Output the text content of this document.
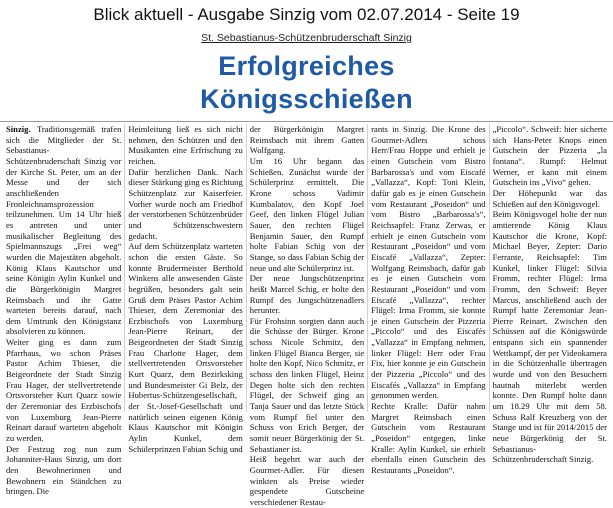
Blick aktuell - Ausgabe Sinzig vom 02.07.2014 - Seite 19
St. Sebastianus-Schützenbruderschaft Sinzig
Erfolgreiches
Königsschießen

Sinzig. Traditionsgemäß trafen sich die Mitglieder der St. Sebastianus-Schützenbruderschaft Sinzig vor der Kirche St. Peter, um an der Messe und der sich anschließenden Fronleichnamsprozession teilzunehmen. Um 14 Uhr hieß es antreten und unter musikalischer Begleitung des Spielmannszugs „Frei weg“ wurden die Majestäten abgeholt. König Klaus Kautschor und seine Königin Aylin Kunkel und die Bürgerkönigin Margret Reimsbach und ihr Gatte warteten bereits darauf, nach dem Umtrunk den Königstanz absolvieren zu können.

Weiter ging es dann zum Pfarrhaus, wo schon Präses Pastor Achim Thieser, die Beigeordnete der Stadt Sinzig Frau Hager, der stellvertretende Ortsvorsteher Kurt Quarz sowie der Zeremoniar des Erzbischofs von Luxemburg Jean-Pierre Reinart darauf warteten abgeholt zu werden.

Der Festzug zog nun zum Johanniter-Haus Sinzig, um dort den Bewohnerinnen und Bewohnern ein Ständchen zu bringen. Die

Heimleitung ließ es sich nicht nehmen, den Schützen und den Musikanten eine Erfrischung zu reichen.

Dafür herzlichen Dank. Nach dieser Stärkung ging es Richtung Schützenplatz zur Kaiserfeier. Vorher wurde noch am Friedhof der verstorbenen Schützenbrüder und Schützenschwestern gedacht.

Auf dem Schützenplatz warteten schon die ersten Gäste. So konnte Brudermeister Berthold Winkens alle anwesenden Gäste begrüßen, besonders galt sein Gruß dem Präses Pastor Achim Thieser, dem Zeremoniar des Erzbischofs von Luxemburg Jean-Pierre Reinart, der Beigeordneten der Stadt Sinzig Frau Charlotte Hager, dem stellvertretenden Ortsvorsteher Kurt Quarz, dem Bezirksking und Bundesmeister Gi Belz, der Hubertus-Schützengesellschaft, der St.-Josef-Gesellschaft und natürlich seinen eigenen König Klaus Kautschor mit Königin Aylin Kunkel, dem Schülerprinzen Fabian Schig und

der Bürgerkönigin Margret Reimsbach mit ihrem Gatten Wolfgang.

Um 16 Uhr begann das Schießen. Zunächst wurde der Schülerprinz ermittelt. Die Krone schoss Vadimir Kumbalatov, den Kopf Joel Geef, den linken Flügel Julian Sauer, den rechten Flügel Benjamin Sauer, den Rumpf holte Fabian Schig von der Stange, so dass Fabian Schig der neue und alte Schülerprinz ist.

Der neue Jungschützenprinz heißt Marcel Schig, er holte den Rumpf des Jungschützenadlers herunter.

Für Frohsinn sorgten dann auch die Schüsse der Bürger. Krone schoss Nicole Schmitz, den linken Flügel Bianca Berger, sie holte den Kopf, Nico Schmitz, er schoss den linken Flügel, Heinz Degen holte sich den rechten Flügel, der Schweif ging an Tanja Sauer und das letzte Stück vom Rumpf fiel unter den Schuss von Erich Berger, der somit neuer Bürgerkönig der St. Sebastianer ist.

Heiß begehrt war auch der Gourmet-Adler. Für diesen winkten als Preise wieder gespendete Gutscheine verschiedener Restau-

rants in Sinzig. Die Krone des Gourmet-Adlers schoss Herr/Frau Hoppe und erhielt je einen Gutschein vom Bistro Barbarossa's und vom Eiscafé „Vallazza“, Kopf: Toni Klein, dafür gab es je einen Gutschein vom Restaurant „Poseidon“ und vom Bistro „Barbarossa's“, Reichsapfel: Franz Zerwas, er erhielt je einen Gutschein vom Restaurant „Poseidon“ und vom Eiscafé „Vallazza“, Zepter: Wolfgang Reimsbach, dafür gab es je einen Gutschein vom Restaurant „Poseidon“ und vom Eiscafé „Vallazza“, rechter Flügel: Irma Fromm, sie konnte je einen Gutschein der Pizzeria „Piccolo“ und des Eiscafés „Vallazza“ in Empfang nehmen, linker Flügel: Herr oder Frau Fix, hier konnte je ein Gutschein der Pizzeria „Piccolo“ und des Eiscafés „Vallazza“ in Empfang genommen werden.

Rechte Kralle: Dafür nahm Margret Reimsbach einen Gutschein vom Restaurant „Poseidon“ entgegen, linke Kralle: Aylin Kunkel, sie erhielt ebenfalls einen Gutschein des Restaurants „Poseidon“.

„Piccolo“. Schweif: hier sicherte sich Hans-Peter Knops einen Gutschein der Pizzeria „la fontana“. Rumpf: Helmut Werner, er kann mit einem Gutschein ins „Vivo“ gehen.

Der Höhepunkt war das Schießen auf den Königsvogel.

Beim Königsvogel holte der nun amtierende König Klaus Kautschor die Krone, Kopf: Michael Beyer, Zepter: Dario Ferrante, Reichsapfel: Tim Kunkel, linker Flügel: Silvia Fromm, rechter Flügel: Irma Fromm, den Schweif: Beyer Marcus, anschließend auch der Rumpf hatte Zeremoniar Jean-Pierre Reinart. Zwischen den Schüssen auf die Königswürde entspann sich ein spannender Wettkampf, der per Videokamera in die Schützenhalle übertragen wurde und von den Besuchern hautnah miterlebt werden konnte. Den Rumpf holte dann um 18.29 Uhr mit dem 58. Schuss Ralf Kreuzberg von der Stange und ist für 2014/2015 der neue Bürgerkönig der St. Sebastianus-Schützenbruderschaft Sinzig.
